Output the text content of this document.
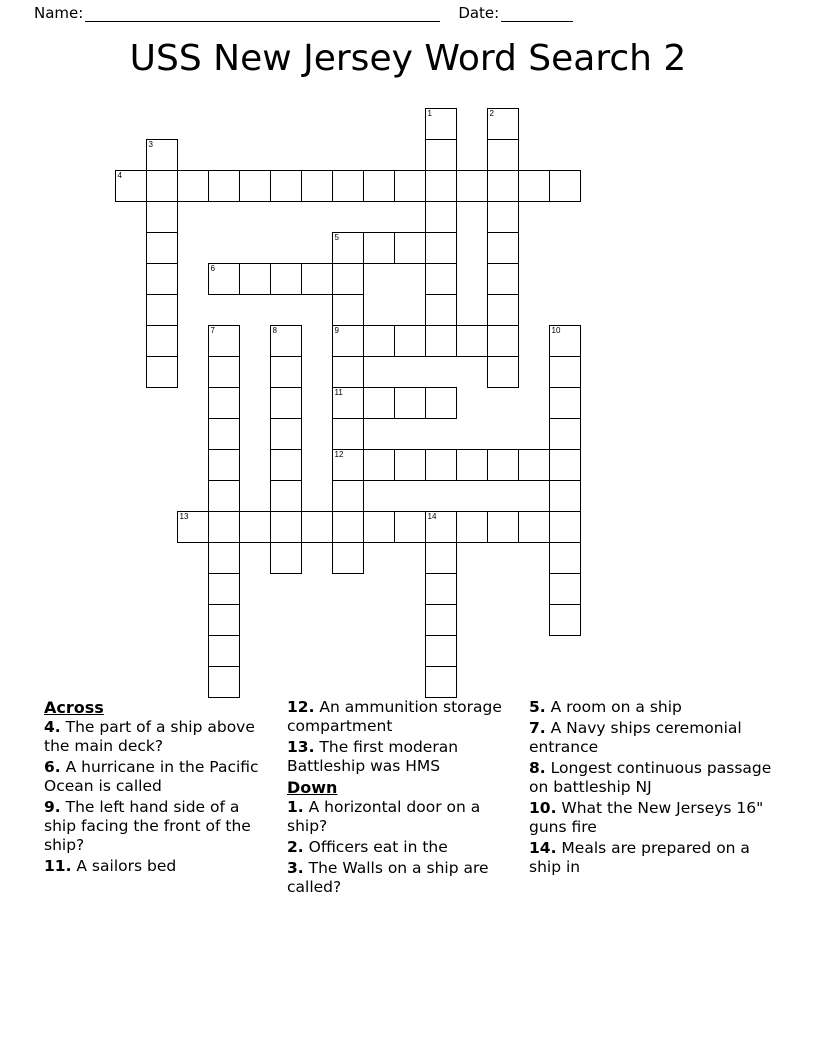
Name:	Date:
USS New Jersey Word Search 2
1	2
3
4
5
6
7	8	9	10
11
12
13	14
Across
4. The part of a ship above the main deck?
6. A hurricane in the Pacific Ocean is called
9. The left hand side of a ship facing the front of the ship?
11. A sailors bed
12. An ammunition storage compartment
13. The first moderan Battleship was HMS
Down
1. A horizontal door on a ship?
2. Officers eat in the
3. The Walls on a ship are called?
5. A room on a ship
7. A Navy ships ceremonial entrance
8. Longest continuous passage on battleship NJ
10. What the New Jerseys 16" guns fire
14. Meals are prepared on a ship in
